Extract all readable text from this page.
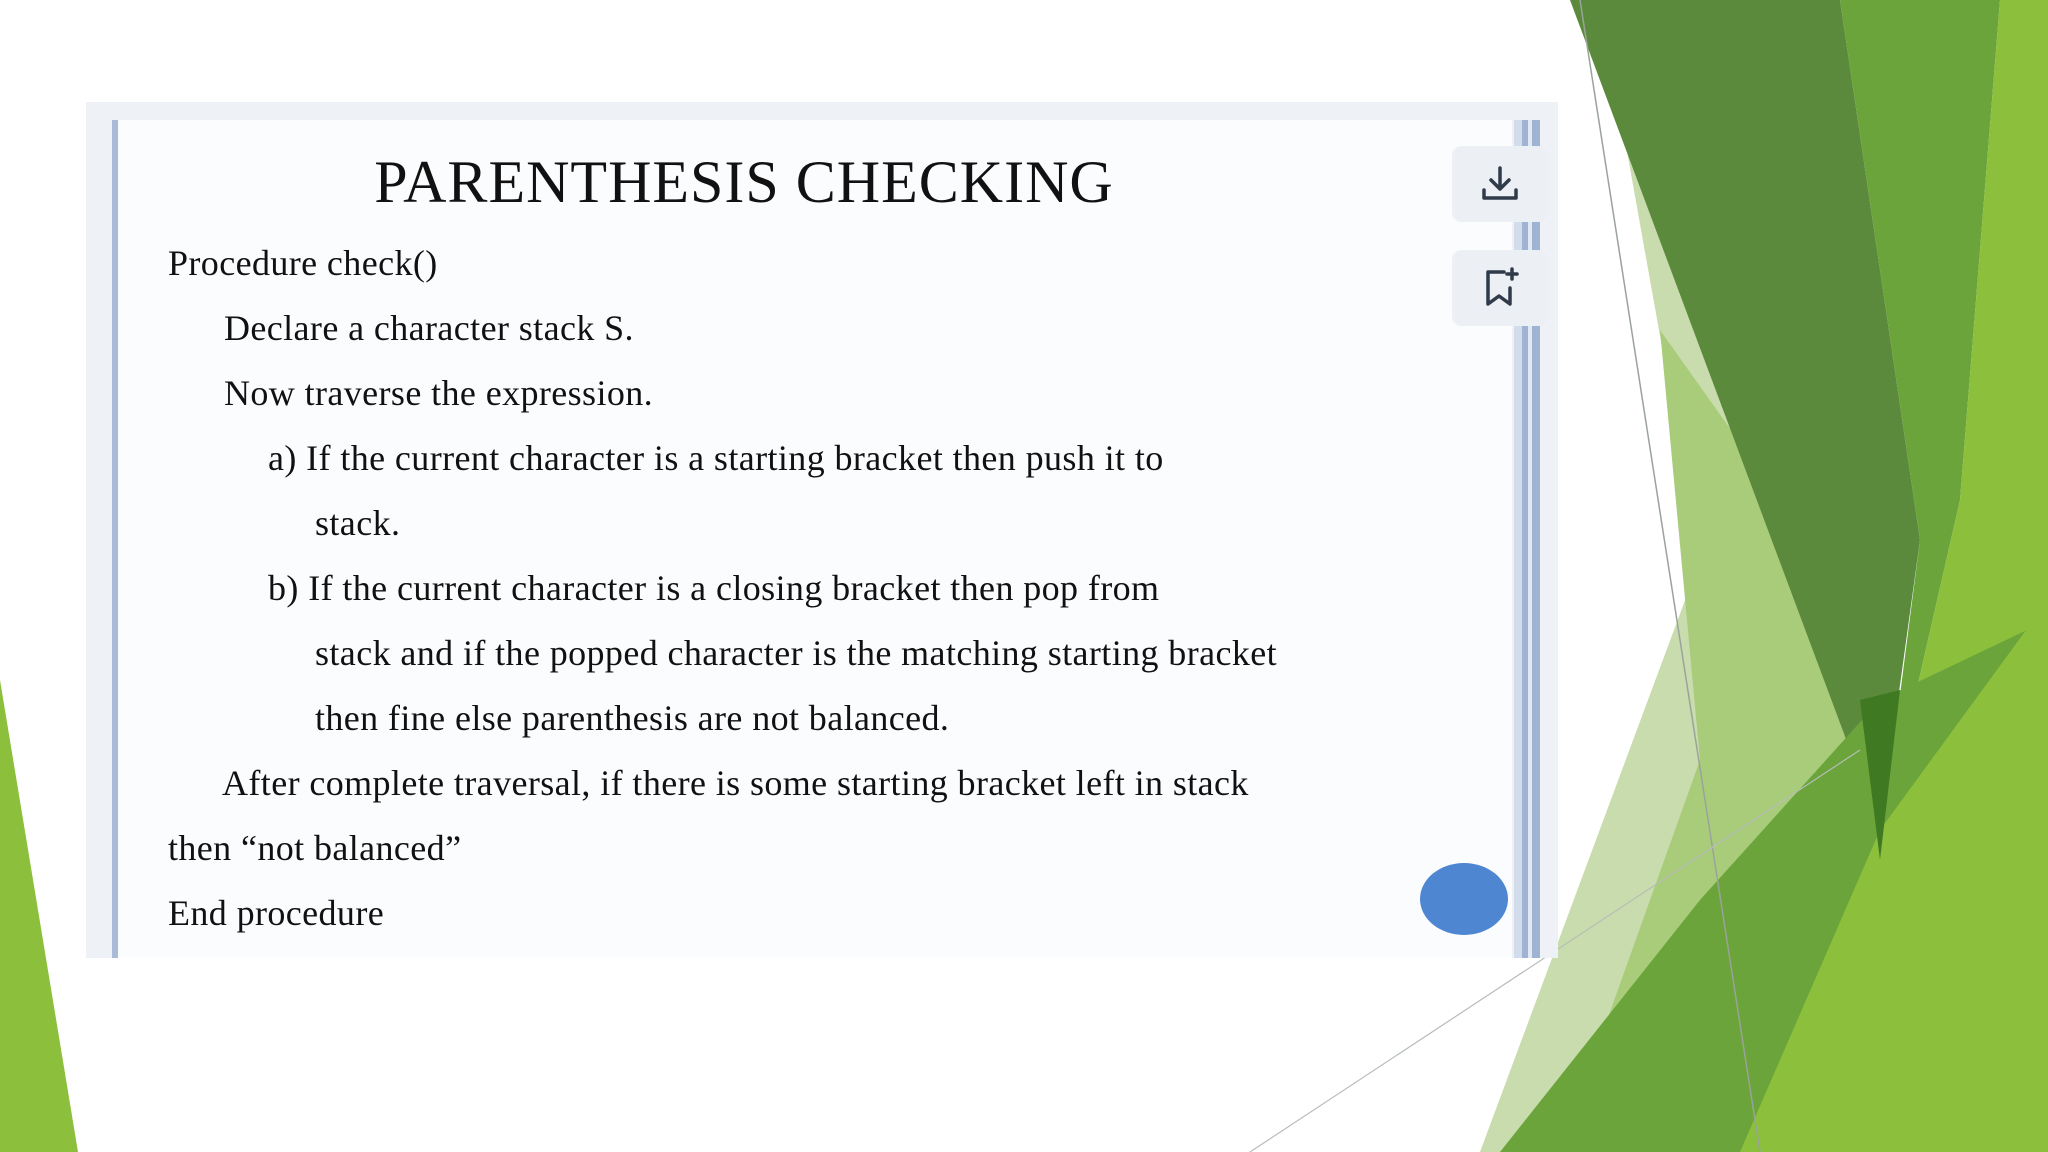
PARENTHESIS CHECKING
Procedure check()
Declare a character stack S.
Now traverse the expression.
a) If the current character is a starting bracket then push it to
stack.
b) If the current character is a closing bracket then pop from
stack and if the popped character is the matching starting bracket
then fine else parenthesis are not balanced.
After complete traversal, if there is some starting bracket left in stack
then “not balanced”
End procedure
